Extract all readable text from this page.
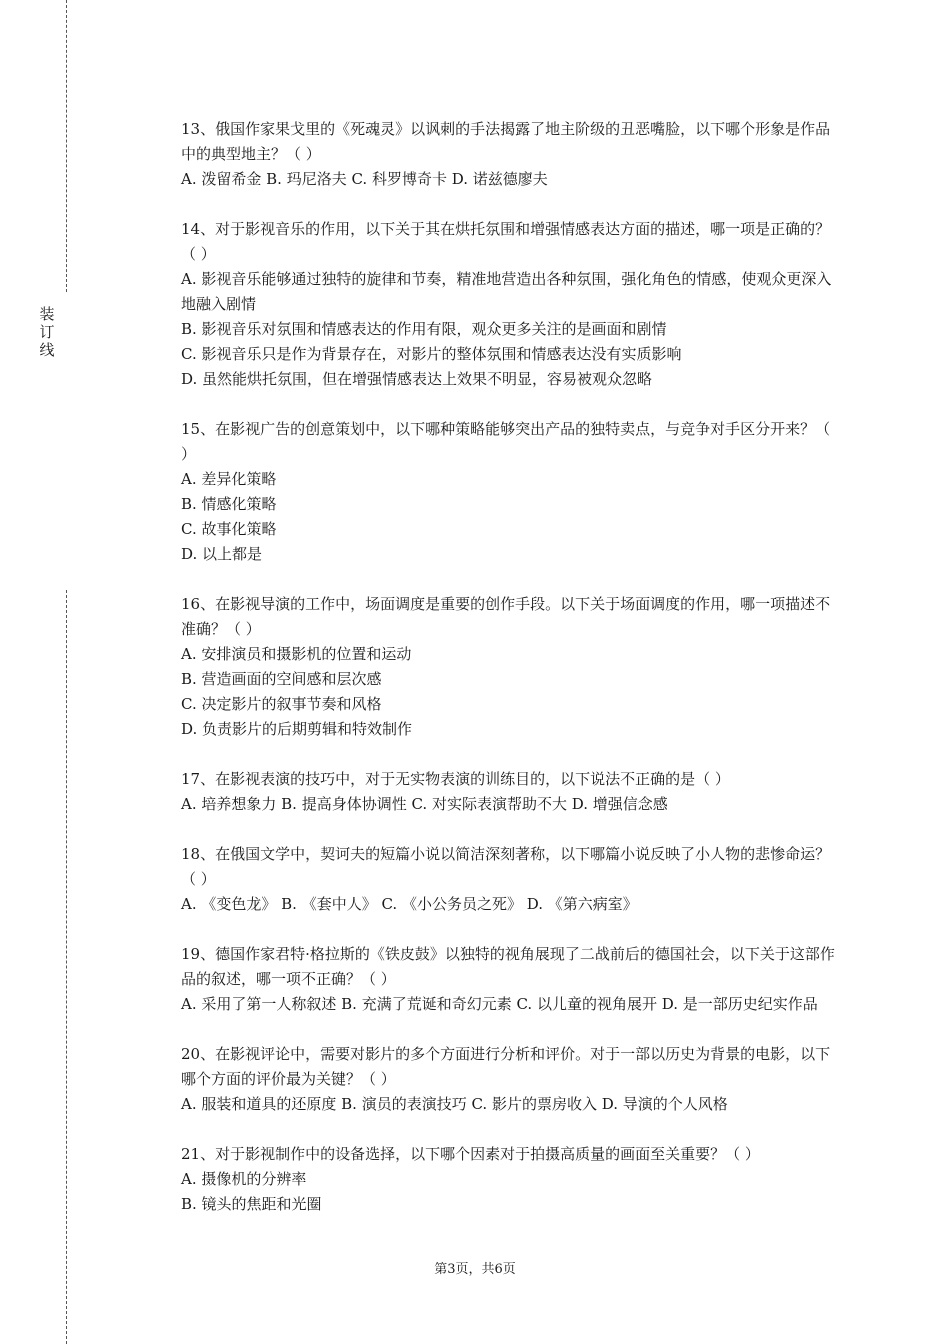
装
订
线
13、俄国作家果戈里的《死魂灵》以讽刺的手法揭露了地主阶级的丑恶嘴脸，以下哪个形象是作品中的典型地主？（ ）
A. 泼留希金 B. 玛尼洛夫 C. 科罗博奇卡 D. 诺兹德廖夫
14、对于影视音乐的作用，以下关于其在烘托氛围和增强情感表达方面的描述，哪一项是正确的？（ ）
A. 影视音乐能够通过独特的旋律和节奏，精准地营造出各种氛围，强化角色的情感，使观众更深入地融入剧情
B. 影视音乐对氛围和情感表达的作用有限，观众更多关注的是画面和剧情
C. 影视音乐只是作为背景存在，对影片的整体氛围和情感表达没有实质影响
D. 虽然能烘托氛围，但在增强情感表达上效果不明显，容易被观众忽略
15、在影视广告的创意策划中，以下哪种策略能够突出产品的独特卖点，与竞争对手区分开来？（ ）
A. 差异化策略
B. 情感化策略
C. 故事化策略
D. 以上都是
16、在影视导演的工作中，场面调度是重要的创作手段。以下关于场面调度的作用，哪一项描述不准确？（ ）
A. 安排演员和摄影机的位置和运动
B. 营造画面的空间感和层次感
C. 决定影片的叙事节奏和风格
D. 负责影片的后期剪辑和特效制作
17、在影视表演的技巧中，对于无实物表演的训练目的，以下说法不正确的是（ ）
A. 培养想象力 B. 提高身体协调性 C. 对实际表演帮助不大 D. 增强信念感
18、在俄国文学中，契诃夫的短篇小说以简洁深刻著称，以下哪篇小说反映了小人物的悲惨命运？（ ）
A. 《变色龙》 B. 《套中人》 C. 《小公务员之死》 D. 《第六病室》
19、德国作家君特·格拉斯的《铁皮鼓》以独特的视角展现了二战前后的德国社会，以下关于这部作品的叙述，哪一项不正确？（ ）
A. 采用了第一人称叙述 B. 充满了荒诞和奇幻元素 C. 以儿童的视角展开 D. 是一部历史纪实作品
20、在影视评论中，需要对影片的多个方面进行分析和评价。对于一部以历史为背景的电影，以下哪个方面的评价最为关键？（ ）
A. 服装和道具的还原度 B. 演员的表演技巧 C. 影片的票房收入 D. 导演的个人风格
21、对于影视制作中的设备选择，以下哪个因素对于拍摄高质量的画面至关重要？（ ）
A. 摄像机的分辨率
B. 镜头的焦距和光圈
第3页，共6页
